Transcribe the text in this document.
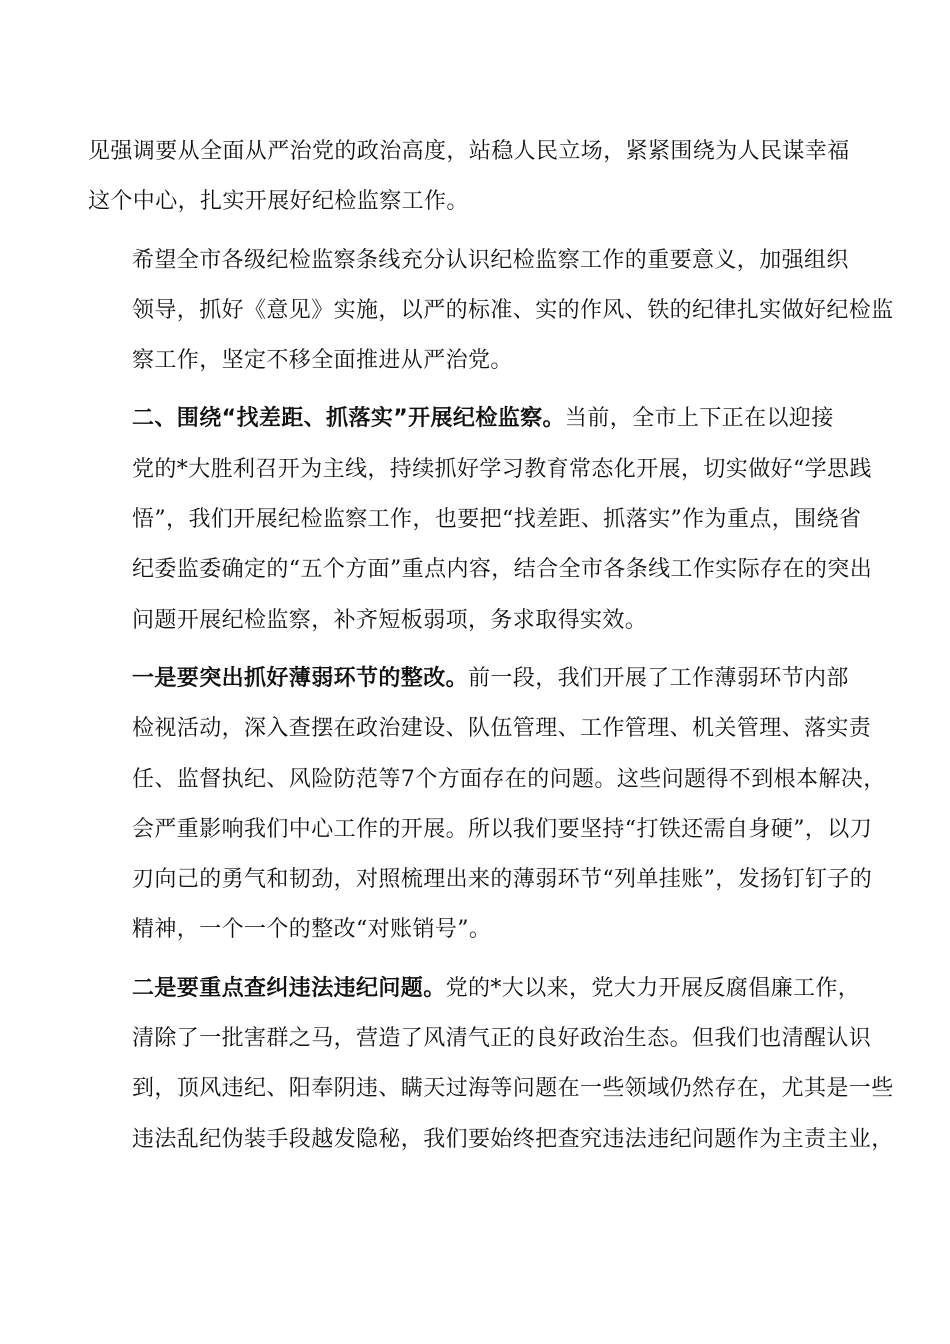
见强调要从全面从严治党的政治高度，站稳人民立场，紧紧围绕为人民谋幸福
这个中心，扎实开展好纪检监察工作。

希望全市各级纪检监察条线充分认识纪检监察工作的重要意义，加强组织
领导，抓好《意见》实施，以严的标准、实的作风、铁的纪律扎实做好纪检监
察工作，坚定不移全面推进从严治党。

二、围绕“找差距、抓落实”开展纪检监察。当前，全市上下正在以迎接
党的*大胜利召开为主线，持续抓好学习教育常态化开展，切实做好“学思践
悟”，我们开展纪检监察工作，也要把“找差距、抓落实”作为重点，围绕省
纪委监委确定的“五个方面”重点内容，结合全市各条线工作实际存在的突出
问题开展纪检监察，补齐短板弱项，务求取得实效。

一是要突出抓好薄弱环节的整改。前一段，我们开展了工作薄弱环节内部
检视活动，深入查摆在政治建设、队伍管理、工作管理、机关管理、落实责
任、监督执纪、风险防范等7个方面存在的问题。这些问题得不到根本解决，
会严重影响我们中心工作的开展。所以我们要坚持“打铁还需自身硬”，以刀
刃向己的勇气和韧劲，对照梳理出来的薄弱环节“列单挂账”，发扬钉钉子的
精神，一个一个的整改“对账销号”。

二是要重点查纠违法违纪问题。党的*大以来，党大力开展反腐倡廉工作，
清除了一批害群之马，营造了风清气正的良好政治生态。但我们也清醒认识
到，顶风违纪、阳奉阴违、瞒天过海等问题在一些领域仍然存在，尤其是一些
违法乱纪伪装手段越发隐秘，我们要始终把查究违法违纪问题作为主责主业，
